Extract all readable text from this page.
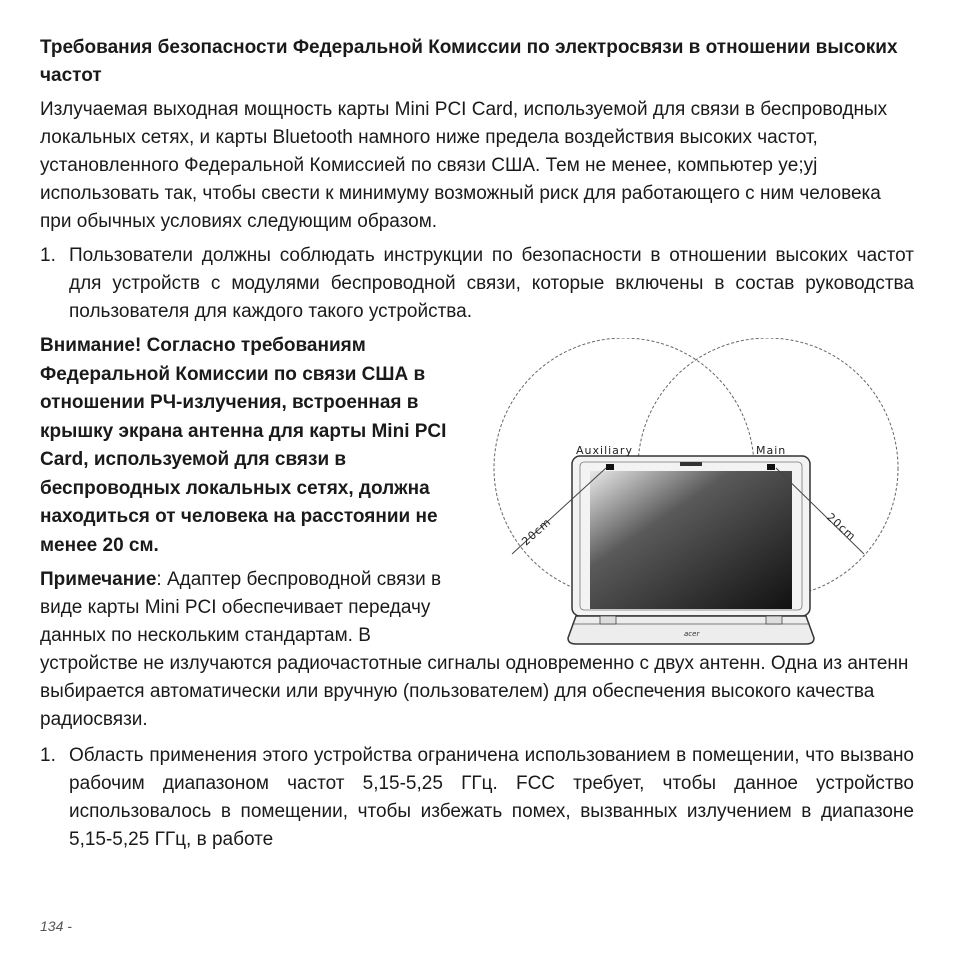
Требования безопасности Федеральной Комиссии по электросвязи в отношении высоких частот
Излучаемая выходная мощность карты Mini PCI Card, используемой для связи в беспроводных локальных сетях, и карты Bluetooth намного ниже предела воздействия высоких частот, установленного Федеральной Комиссией по связи США. Тем не менее, компьютер ye;yj использовать так, чтобы свести к минимуму возможный риск для работающего с ним человека при обычных условиях следующим образом.
1. Пользователи должны соблюдать инструкции по безопасности в отношении высоких частот для устройств с модулями беспроводной связи, которые включены в состав руководства пользователя для каждого такого устройства.
Auxiliary	Main
20cm	20cm
acer
Внимание! Согласно требованиям Федеральной Комиссии по связи США в отношении РЧ-излучения, встроенная в крышку экрана антенна для карты Mini PCI Card, используемой для связи в беспроводных локальных сетях, должна находиться от человека на расстоянии не менее 20 см.
Примечание: Адаптер беспроводной связи в виде карты Mini PCI обеспечивает передачу данных по нескольким стандартам. В устройстве не излучаются радиочастотные сигналы одновременно с двух антенн. Одна из антенн выбирается автоматически или вручную (пользователем) для обеспечения высокого качества радиосвязи.
1. Область применения этого устройства ограничена использованием в помещении, что вызвано рабочим диапазоном частот 5,15-5,25 ГГц. FCC требует, чтобы данное устройство использовалось в помещении, чтобы избежать помех, вызванных излучением в диапазоне 5,15-5,25 ГГц, в работе
134 -
